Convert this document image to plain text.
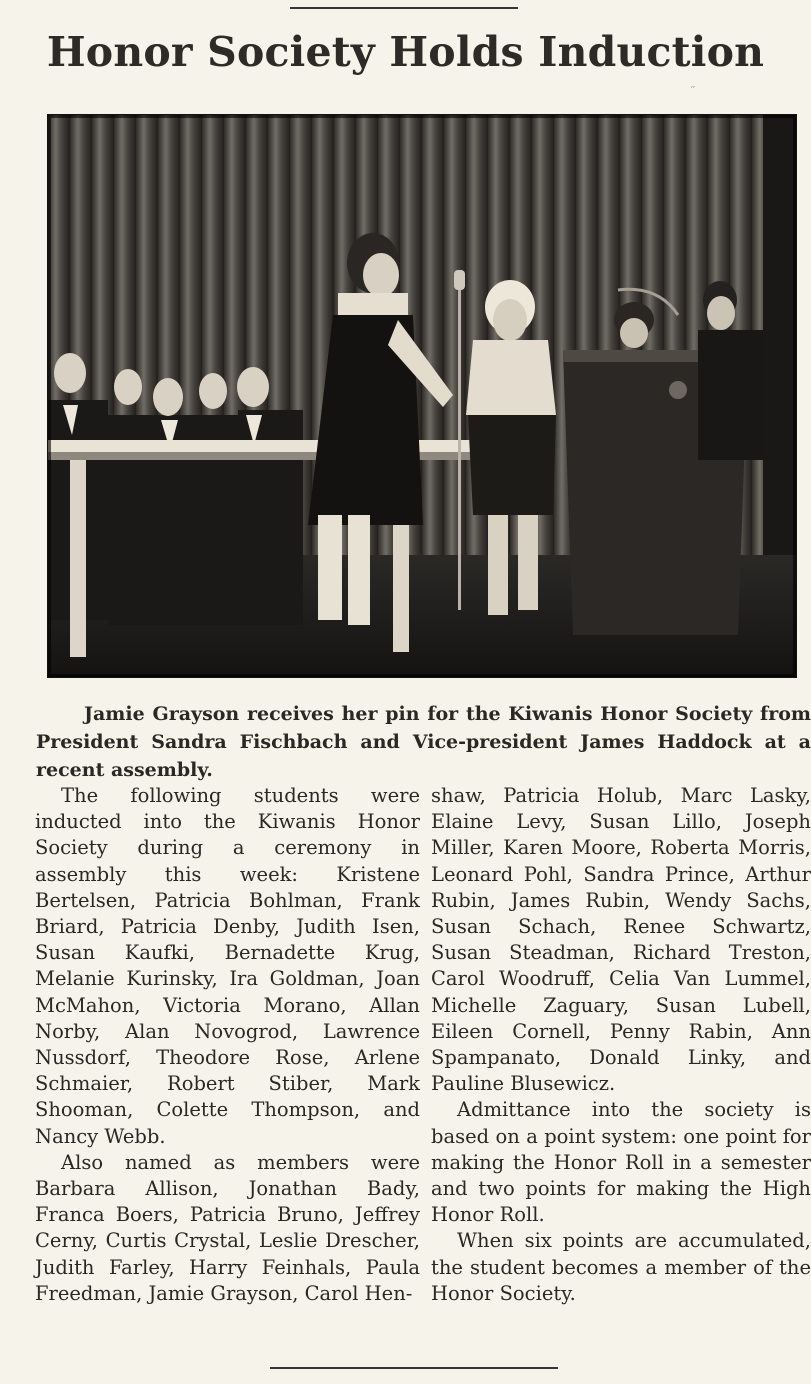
Honor Society Holds Induction
״

Jamie Grayson receives her pin for the Kiwanis Honor Society from President Sandra Fischbach and Vice-president James Haddock at a recent assembly.

The following students were inducted into the Kiwanis Honor Society during a ceremony in assembly this week: Kristene Bertelsen, Patricia Bohlman, Frank Briard, Patricia Denby, Judith Isen, Susan Kaufki, Bernadette Krug, Melanie Kurinsky, Ira Goldman, Joan McMahon, Victoria Morano, Allan Norby, Alan Novogrod, Lawrence Nussdorf, Theodore Rose, Arlene Schmaier, Robert Stiber, Mark Shooman, Colette Thompson, and Nancy Webb.

Also named as members were Barbara Allison, Jonathan Bady, Franca Boers, Patricia Bruno, Jeffrey Cerny, Curtis Crystal, Leslie Drescher, Judith Farley, Harry Feinhals, Paula Freedman, Jamie Grayson, Carol Hen-

shaw, Patricia Holub, Marc Lasky, Elaine Levy, Susan Lillo, Joseph Miller, Karen Moore, Roberta Morris, Leonard Pohl, Sandra Prince, Arthur Rubin, James Rubin, Wendy Sachs, Susan Schach, Renee Schwartz, Susan Steadman, Richard Treston, Carol Woodruff, Celia Van Lummel, Michelle Zaguary, Susan Lubell, Eileen Cornell, Penny Rabin, Ann Spampanato, Donald Linky, and Pauline Blusewicz.

Admittance into the society is based on a point system: one point for making the Honor Roll in a semester and two points for making the High Honor Roll.

When six points are accumulated, the student becomes a member of the Honor Society.
